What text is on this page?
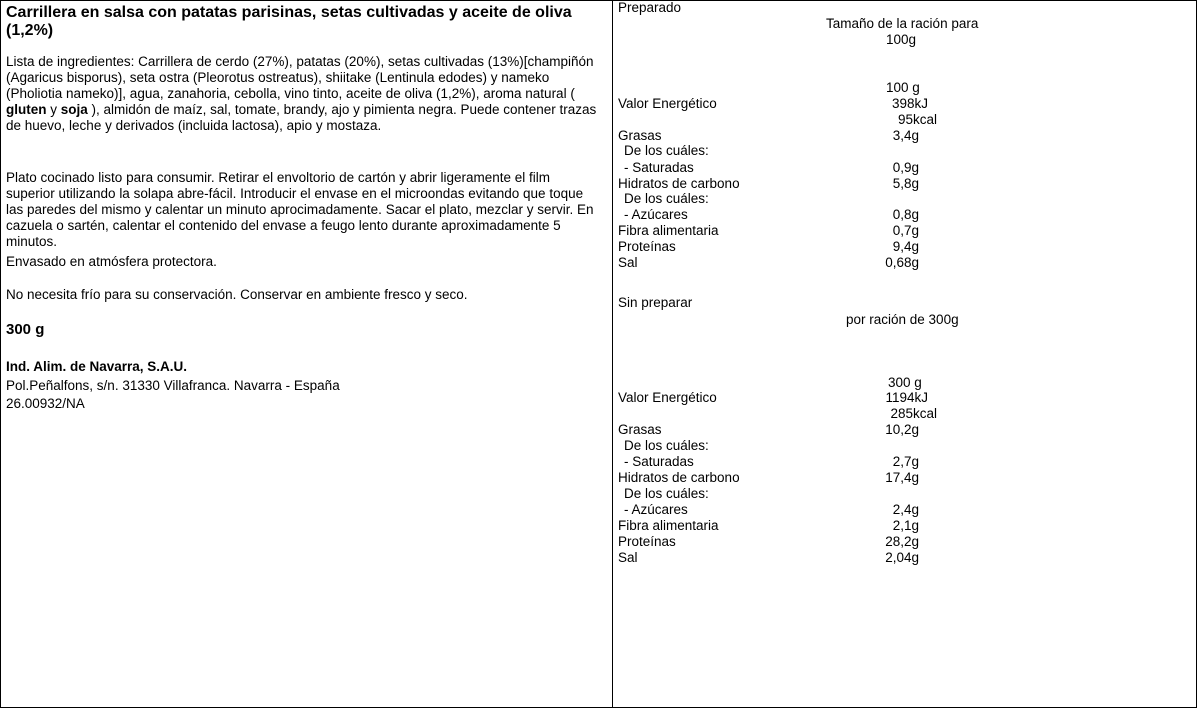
Carrillera en salsa con patatas parisinas, setas cultivadas y aceite de oliva (1,2%)
Lista de ingredientes: Carrillera de cerdo (27%), patatas (20%), setas cultivadas (13%)[champiñón (Agaricus bisporus), seta ostra (Pleorotus ostreatus), shiitake (Lentinula edodes) y nameko (Pholiotia nameko)], agua, zanahoria, cebolla, vino tinto, aceite de oliva (1,2%), aroma natural ( gluten y soja ), almidón de maíz, sal, tomate, brandy, ajo y pimienta negra. Puede contener trazas de huevo, leche y derivados (incluida lactosa), apio y mostaza.
Plato cocinado listo para consumir. Retirar el envoltorio de cartón y abrir ligeramente el film superior utilizando la solapa abre-fácil. Introducir el envase en el microondas evitando que toque las paredes del mismo y calentar un minuto aprocimadamente. Sacar el plato, mezclar y servir. En cazuela o sartén, calentar el contenido del envase a feugo lento durante aproximadamente 5 minutos.
Envasado en atmósfera protectora.
No necesita frío para su conservación. Conservar en ambiente fresco y seco.
300 g
Ind. Alim. de Navarra, S.A.U.
Pol.Peñalfons, s/n. 31330 Villafranca. Navarra - España
26.00932/NA
Preparado
Tamaño de la ración para
100g
100 g
Valor Energético	398kJ
95kcal
Grasas	3,4g
De los cuáles:
- Saturadas	0,9g
Hidratos de carbono	5,8g
De los cuáles:
- Azúcares	0,8g
Fibra alimentaria	0,7g
Proteínas	9,4g
Sal	0,68g
Sin preparar
por ración de 300g
300 g
Valor Energético	1194kJ
285kcal
Grasas	10,2g
De los cuáles:
- Saturadas	2,7g
Hidratos de carbono	17,4g
De los cuáles:
- Azúcares	2,4g
Fibra alimentaria	2,1g
Proteínas	28,2g
Sal	2,04g
